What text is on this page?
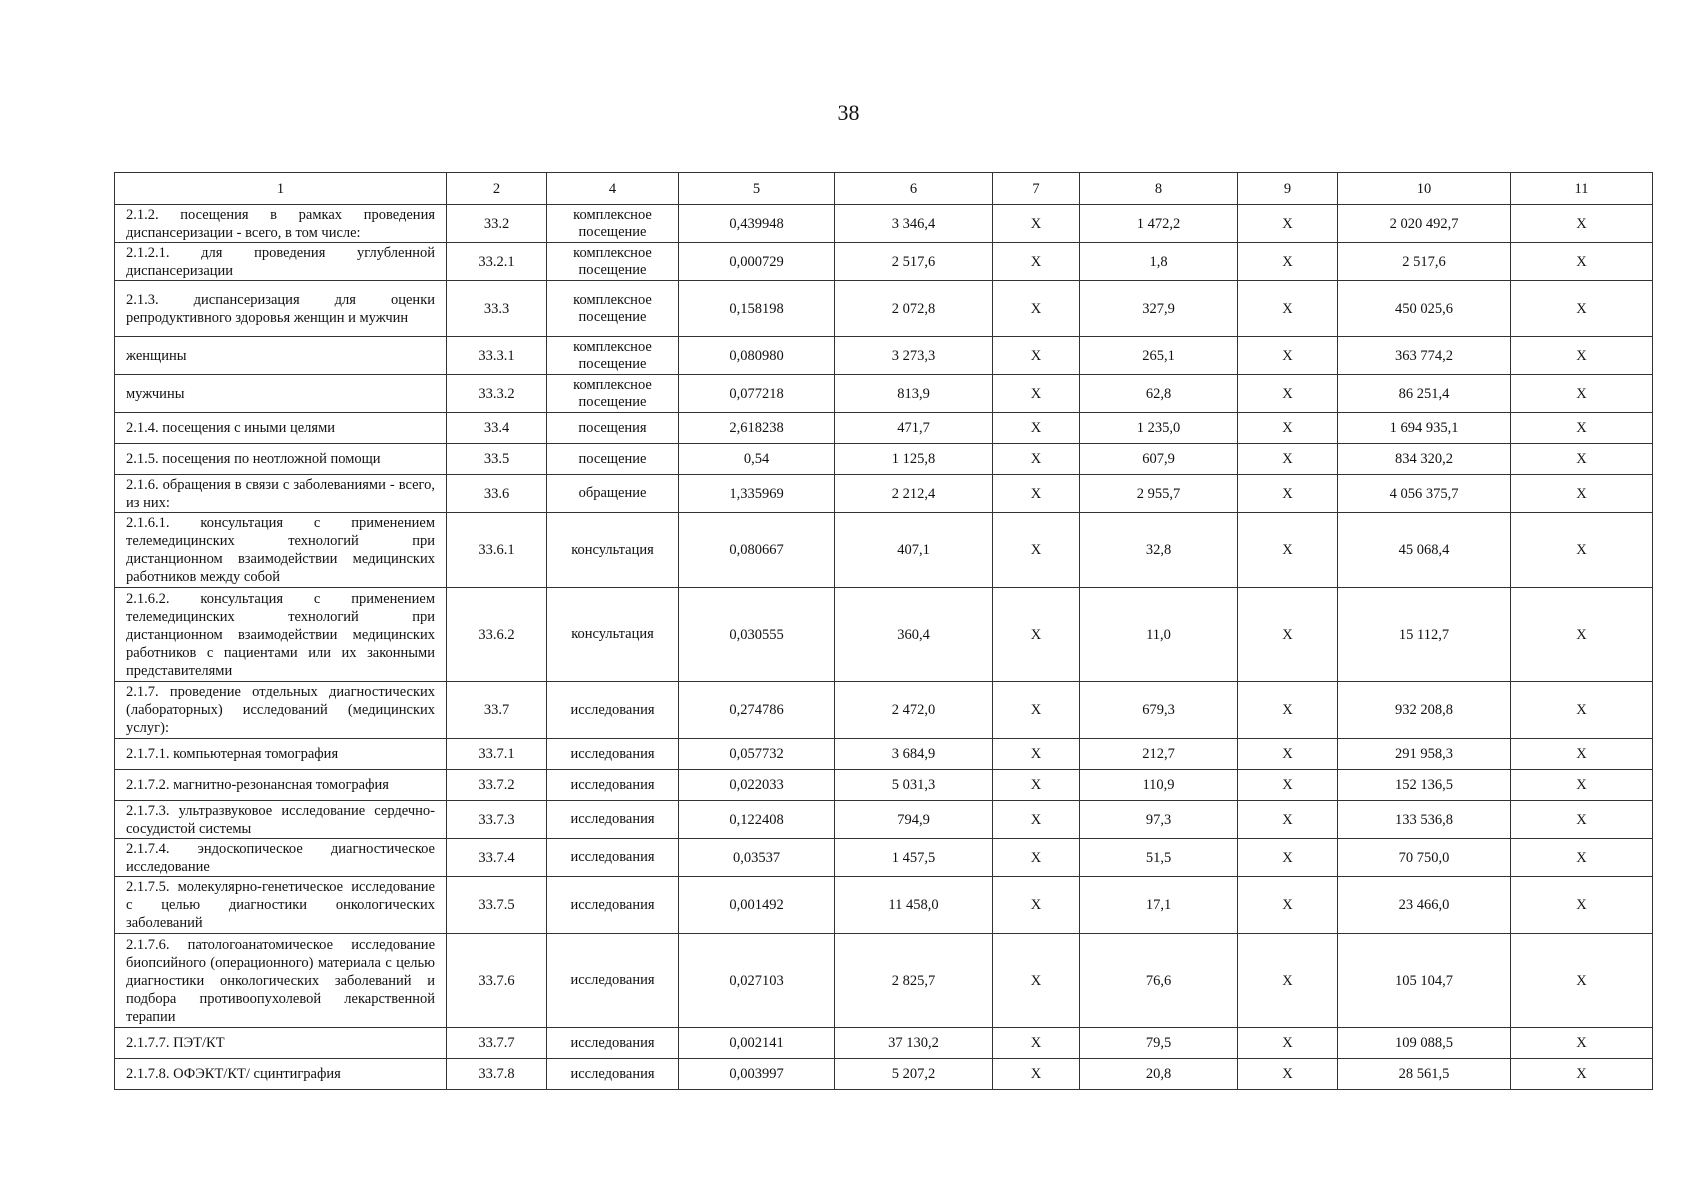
38
1	2	4	5	6	7	8	9	10	11
2.1.2. посещения в рамках проведения диспансеризации - всего, в том числе:	33.2	комплексное посещение	0,439948	3 346,4	X	1 472,2	X	2 020 492,7	X
2.1.2.1. для проведения углубленной диспансеризации	33.2.1	комплексное посещение	0,000729	2 517,6	X	1,8	X	2 517,6	X
2.1.3. диспансеризация для оценки репродуктивного здоровья женщин и мужчин	33.3	комплексное посещение	0,158198	2 072,8	X	327,9	X	450 025,6	X
женщины	33.3.1	комплексное посещение	0,080980	3 273,3	X	265,1	X	363 774,2	X
мужчины	33.3.2	комплексное посещение	0,077218	813,9	X	62,8	X	86 251,4	X
2.1.4. посещения с иными целями	33.4	посещения	2,618238	471,7	X	1 235,0	X	1 694 935,1	X
2.1.5. посещения по неотложной помощи	33.5	посещение	0,54	1 125,8	X	607,9	X	834 320,2	X
2.1.6. обращения в связи с заболеваниями - всего, из них:	33.6	обращение	1,335969	2 212,4	X	2 955,7	X	4 056 375,7	X
2.1.6.1. консультация с применением телемедицинских технологий при дистанционном взаимодействии медицинских работников между собой	33.6.1	консультация	0,080667	407,1	X	32,8	X	45 068,4	X
2.1.6.2. консультация с применением телемедицинских технологий при дистанционном взаимодействии медицинских работников с пациентами или их законными представителями	33.6.2	консультация	0,030555	360,4	X	11,0	X	15 112,7	X
2.1.7. проведение отдельных диагностических (лабораторных) исследований (медицинских услуг):	33.7	исследования	0,274786	2 472,0	X	679,3	X	932 208,8	X
2.1.7.1. компьютерная томография	33.7.1	исследования	0,057732	3 684,9	X	212,7	X	291 958,3	X
2.1.7.2. магнитно-резонансная томография	33.7.2	исследования	0,022033	5 031,3	X	110,9	X	152 136,5	X
2.1.7.3. ультразвуковое исследование сердечно-сосудистой системы	33.7.3	исследования	0,122408	794,9	X	97,3	X	133 536,8	X
2.1.7.4. эндоскопическое диагностическое исследование	33.7.4	исследования	0,03537	1 457,5	X	51,5	X	70 750,0	X
2.1.7.5. молекулярно-генетическое исследование с целью диагностики онкологических заболеваний	33.7.5	исследования	0,001492	11 458,0	X	17,1	X	23 466,0	X
2.1.7.6. патологоанатомическое исследование биопсийного (операционного) материала с целью диагностики онкологических заболеваний и подбора противоопухолевой лекарственной терапии	33.7.6	исследования	0,027103	2 825,7	X	76,6	X	105 104,7	X
2.1.7.7. ПЭТ/КТ	33.7.7	исследования	0,002141	37 130,2	X	79,5	X	109 088,5	X
2.1.7.8. ОФЭКТ/КТ/ сцинтиграфия	33.7.8	исследования	0,003997	5 207,2	X	20,8	X	28 561,5	X
